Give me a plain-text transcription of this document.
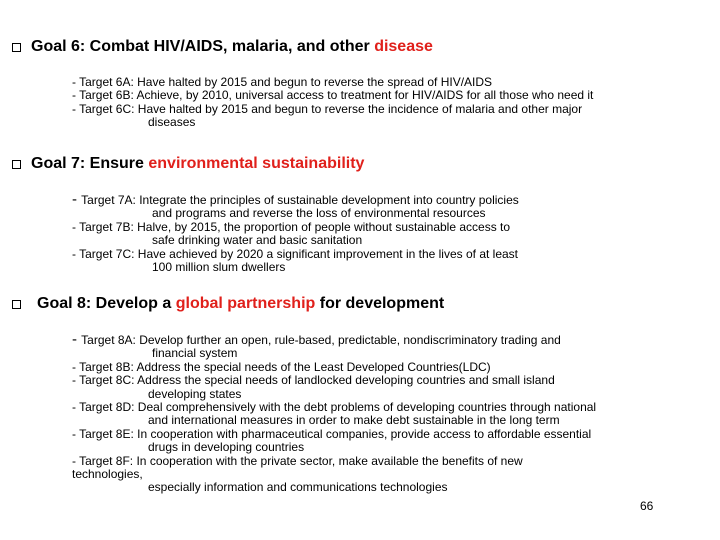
Goal 6: Combat HIV/AIDS, malaria, and other disease
- Target 6A: Have halted by 2015 and begun to reverse the spread of HIV/AIDS
- Target 6B: Achieve, by 2010, universal access to treatment for HIV/AIDS for all those who need it
- Target 6C: Have halted by 2015 and begun to reverse the incidence of malaria and other major
diseases
Goal 7: Ensure environmental sustainability
- Target 7A: Integrate the principles of sustainable development into country policies
and programs and reverse the loss of environmental resources
- Target 7B: Halve, by 2015, the proportion of people without sustainable access to
safe drinking water and basic sanitation
- Target 7C: Have achieved by 2020 a significant improvement in the lives of at least
100 million slum dwellers
Goal 8: Develop a global partnership for development
- Target 8A: Develop further an open, rule-based, predictable, nondiscriminatory trading and
financial system
- Target 8B: Address the special needs of the Least Developed Countries(LDC)
- Target 8C: Address the special needs of landlocked developing countries and small island
developing states
- Target 8D: Deal comprehensively with the debt problems of developing countries through national
and international measures in order to make debt sustainable in the long term
- Target 8E: In cooperation with pharmaceutical companies, provide access to affordable essential
drugs in developing countries
- Target 8F: In cooperation with the private sector, make available the benefits of new
technologies,
especially information and communications technologies
66
